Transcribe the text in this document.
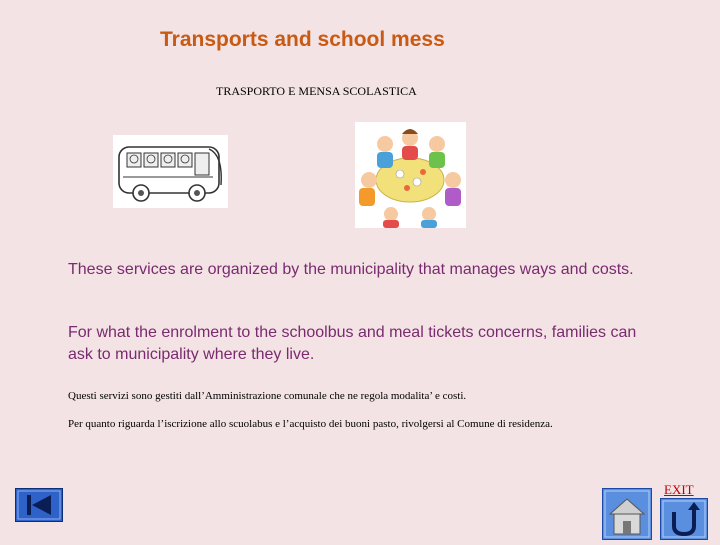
Transports and school mess
TRASPORTO E MENSA SCOLASTICA
These services are organized by the municipality that manages ways and costs.
For what the enrolment to the schoolbus and meal tickets concerns, families can ask to municipality where they live.
Questi servizi sono gestiti dall’Amministrazione comunale che ne regola modalita’ e costi.
Per quanto riguarda l’iscrizione allo scuolabus e l’acquisto dei buoni pasto, rivolgersi al Comune di residenza.
EXIT
